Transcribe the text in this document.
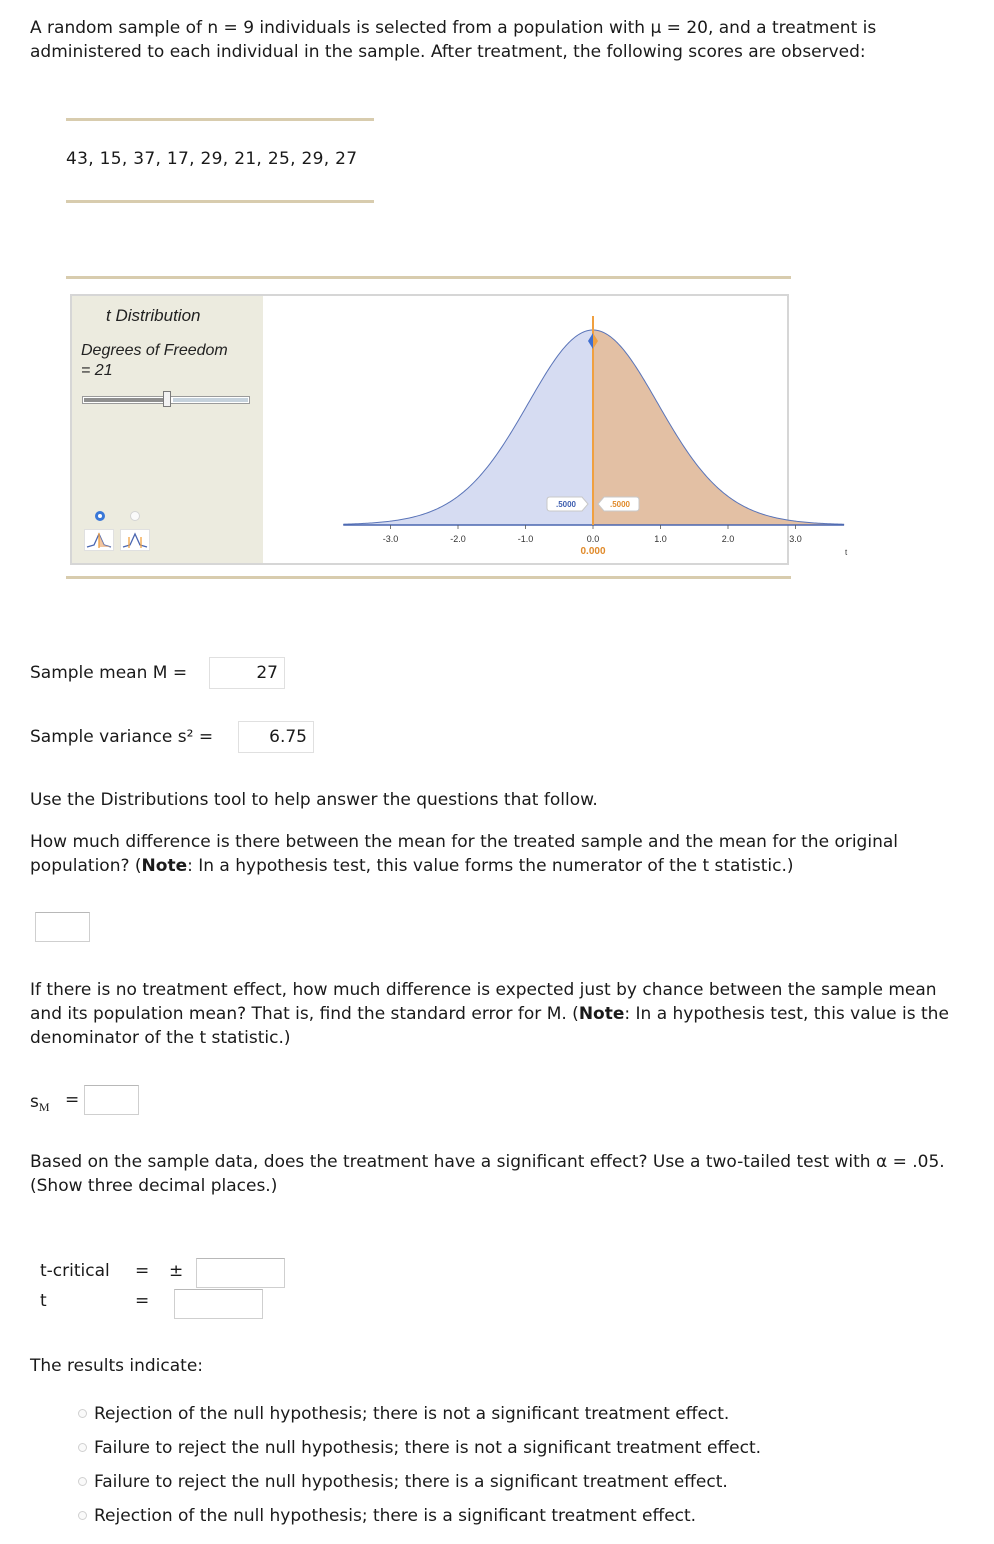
A random sample of n = 9 individuals is selected from a population with μ = 20, and a treatment is administered to each individual in the sample. After treatment, the following scores are observed:

43, 15, 37, 17, 29, 21, 25, 29, 27
t Distribution
Degrees of Freedom
= 21
-3.0	-2.0	-1.0	0.0	1.0	2.0	3.0
.5000	.5000
0.000	t
Sample mean M =	27
Sample variance s² =	6.75

Use the Distributions tool to help answer the questions that follow.

How much difference is there between the mean for the treated sample and the mean for the original population? (Note: In a hypothesis test, this value forms the numerator of the t statistic.)

If there is no treatment effect, how much difference is expected just by chance between the sample mean and its population mean? That is, find the standard error for M. (Note: In a hypothesis test, this value is the denominator of the t statistic.)

$s_M$ =

Based on the sample data, does the treatment have a significant effect? Use a two-tailed test with α = .05. (Show three decimal places.)

t-critical = ±
t	=
The results indicate:
Rejection of the null hypothesis; there is not a significant treatment effect.
Failure to reject the null hypothesis; there is not a significant treatment effect.
Failure to reject the null hypothesis; there is a significant treatment effect.
Rejection of the null hypothesis; there is a significant treatment effect.
